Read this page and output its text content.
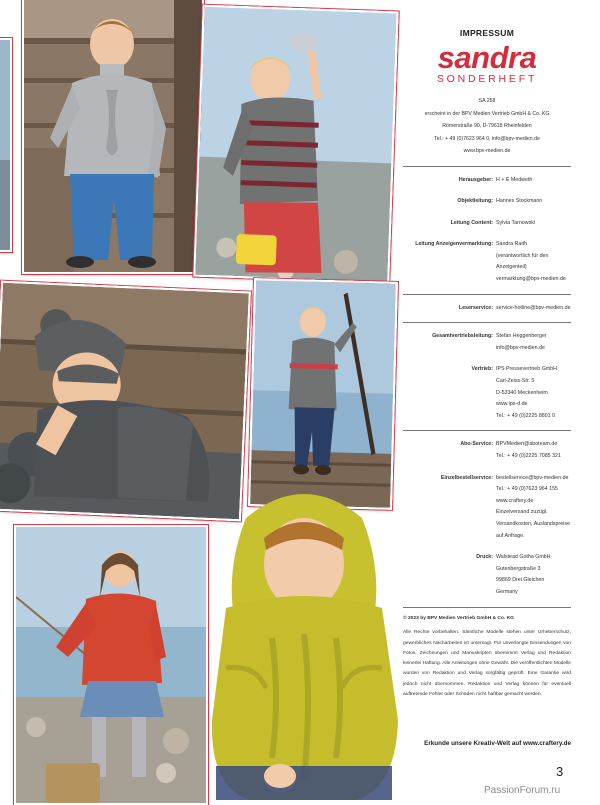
IMPRESSUM
sandra
SONDERHEFT
SA 258
erscheint in der BPV Medien Vertrieb GmbH & Co. KG
Römerstraße 90, D-79618 Rheinfelden
Tel.: + 49 (0)7623 964 0, info@bpv-medien.de
www.bpv-medien.de
Herausgeber: H + E Medweth
Objektleitung: Hannes Stockmann
Leitung Content: Sylvia Tarnowski
Leitung Anzeigenvermarktung: Sandra Raith
(verantwortlich für den
Anzeigenteil)
vermarktung@bpv-medien.de
Leserservice: service-hotline@bpv-medien.de
Gesamtvertriebsleitung: Stefan Heggenberger
info@bpv-medien.de
Vertrieb: IPS Pressevertrieb GmbH
Carl-Zeiss-Str. 5
D-53340 Meckenheim
www.ips-d.de
Tel.: + 49 (0)2225 8801 0
Abo-Service: BPVMedien@aboteam.de
Tel.: + 49 (0)2225 7085 321
Einzelbestellservice: bestellservice@bpv-medien.de
Tel.: + 49 (0)7623 964 155
www.craftery.de
Einzelversand zuzügl.
Versandkosten, Auslandspreise
auf Anfrage.
Druck: Walstead Gotha GmbH
Gutenbergstraße 3
99869 Drei Gleichen
Germany
© 2023 by BPV Medien Vertrieb GmbH & Co. KG
Alle Rechte vorbehalten. Sämtliche Modelle stehen unter Urheberschutz, gewerbliches Nacharbeiten ist untersagt. Für unverlangte Einsendungen von Fotos, Zeichnungen und Manuskripten übernimmt Verlag und Redaktion keinerlei Haftung. Alle Anleitungen ohne Gewähr. Die veröffentlichten Modelle wurden von Redaktion und Verlag sorgfältig geprüft. Eine Garantie wird jedoch nicht übernommen. Redaktion und Verlag können für eventuell auftretende Fehler oder Schäden nicht haftbar gemacht werden.
Erkunde unsere Kreativ-Welt auf www.craftery.de
3
PassionForum.ru
